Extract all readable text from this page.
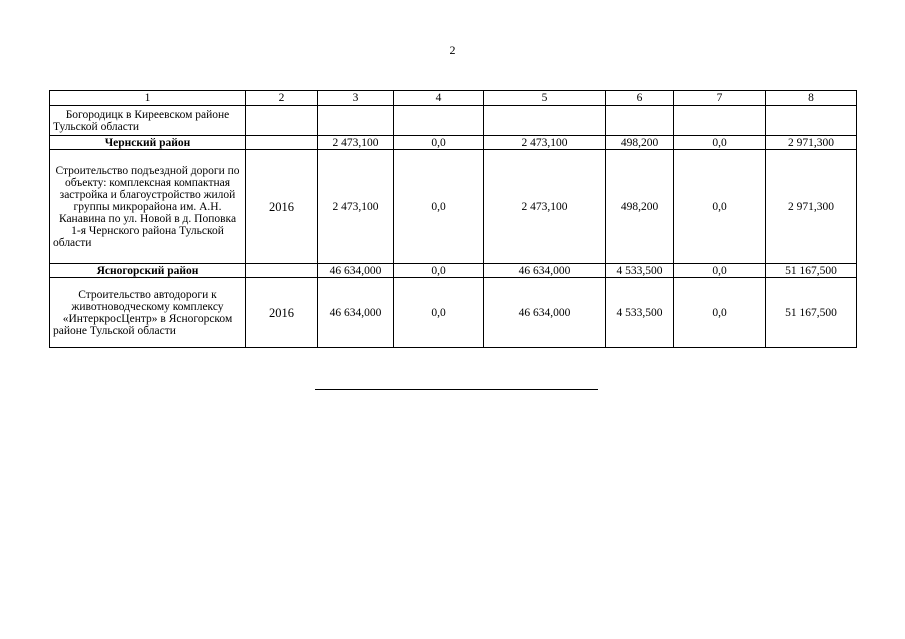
2
1	2	3	4	5	6	7	8
Богородицк в Киреевском районе Тульской области							
Чернский район		2 473,100	0,0	2 473,100	498,200	0,0	2 971,300
Строительство подъездной дороги по объекту: комплексная компактная застройка и благоустройство жилой группы микрорайона им. А.Н. Канавина по ул. Новой в д. Поповка 1-я Чернского района Тульской области	2016	2 473,100	0,0	2 473,100	498,200	0,0	2 971,300
Ясногорский район		46 634,000	0,0	46 634,000	4 533,500	0,0	51 167,500
Строительство автодороги к животноводческому комплексу «ИнтеркросЦентр» в Ясногорском районе Тульской области	2016	46 634,000	0,0	46 634,000	4 533,500	0,0	51 167,500
